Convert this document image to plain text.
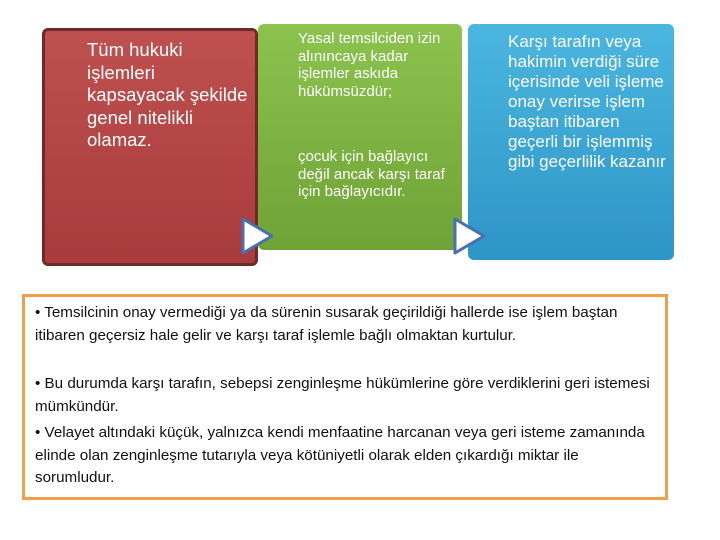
Tüm hukuki işlemleri kapsayacak şekilde genel nitelikli olamaz.
Yasal temsilciden izin alınıncaya kadar işlemler askıda hükümsüzdür;
çocuk için bağlayıcı değil ancak karşı taraf için bağlayıcıdır.
Karşı tarafın veya hakimin verdiği süre içerisinde veli işleme onay verirse işlem baştan itibaren geçerli bir işlemmiş gibi geçerlilik kazanır

• Temsilcinin onay vermediği ya da sürenin susarak geçirildiği hallerde ise işlem baştan itibaren geçersiz hale gelir ve karşı taraf işlemle bağlı olmaktan kurtulur.

• Bu durumda karşı tarafın, sebepsi zenginleşme hükümlerine göre verdiklerini geri istemesi mümkündür.

• Velayet altındaki küçük, yalnızca kendi menfaatine harcanan veya geri isteme zamanında elinde olan zenginleşme tutarıyla veya kötüniyetli olarak elden çıkardığı miktar ile sorumludur.
